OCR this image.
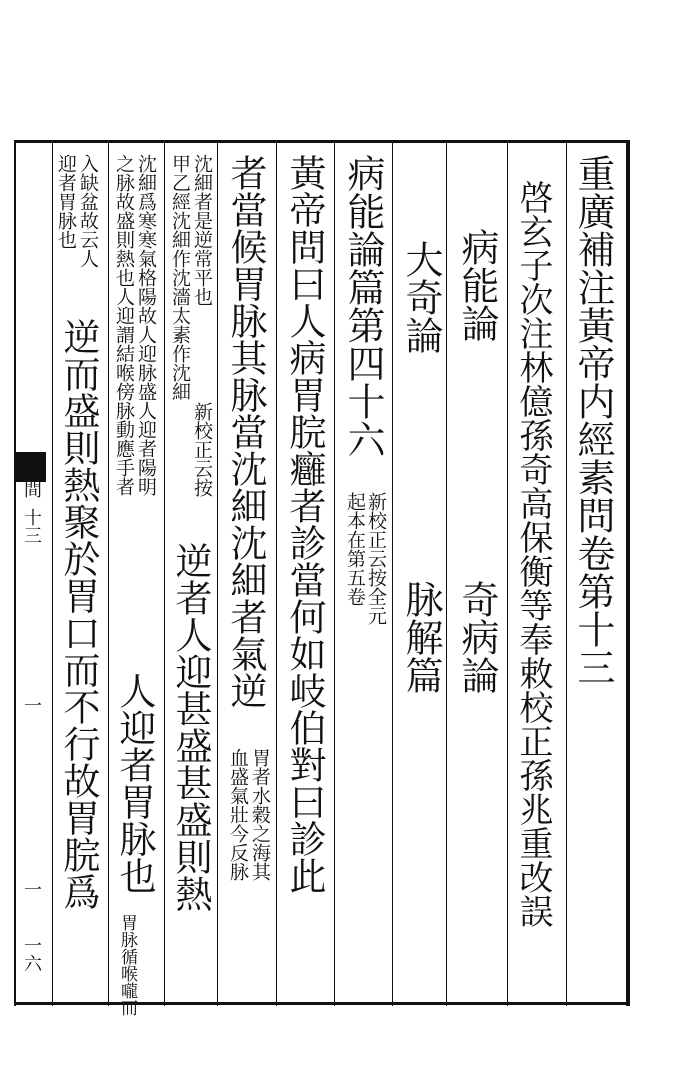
重廣補注黃帝内經素問卷第十三
啓玄子次注林億孫奇高保衡等奉敕校正孫兆重改誤
病能論
奇病論
大奇論
脉解篇
病能論篇第四十六
新校正云按全元
起本在第五卷
黃帝問曰人病胃脘癰者診當何如岐伯對曰診此
者當候胃脉其脉當沈細沈細者氣逆
胃者水穀之海其
血盛氣壯今反脉
沈細者是逆常平也
甲乙經沈細作沈濇太素作沈細
新校正云按
逆者人迎甚盛甚盛則熱
沈細爲寒寒氣格陽故人迎脉盛人迎者陽明
之脉故盛則熱也人迎謂結喉傍脉動應手者
人迎者胃脉也
胃脉循喉嚨而
入缺盆故云人
迎者胃脉也
逆而盛則熱聚於胃口而不行故胃脘爲
間
十三
一
一
一六
